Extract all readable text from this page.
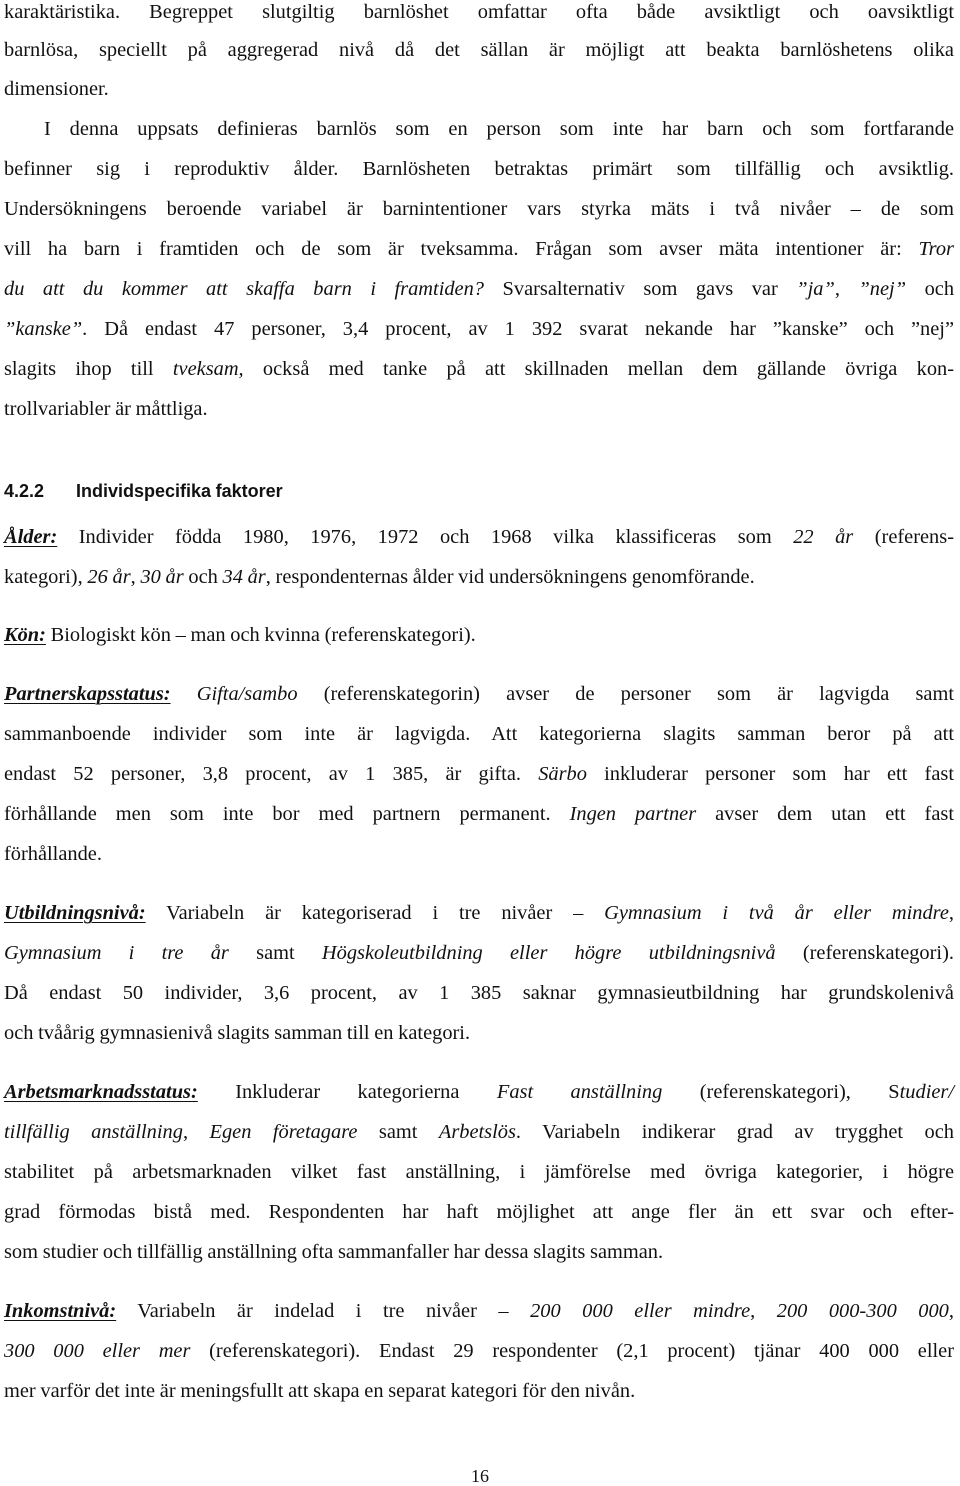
karaktäristika. Begreppet slutgiltig barnlöshet omfattar ofta både avsiktligt och oavsiktligt

barnlösa, speciellt på aggregerad nivå då det sällan är möjligt att beakta barnlöshetens olika

dimensioner.

I denna uppsats definieras barnlös som en person som inte har barn och som fortfarande

befinner sig i reproduktiv ålder. Barnlösheten betraktas primärt som tillfällig och avsiktlig.

Undersökningens beroende variabel är barnintentioner vars styrka mäts i två nivåer – de som

vill ha barn i framtiden och de som är tveksamma. Frågan som avser mäta intentioner är: Tror

du att du kommer att skaffa barn i framtiden? Svarsalternativ som gavs var ”ja”, ”nej” och

”kanske”. Då endast 47 personer, 3,4 procent, av 1 392 svarat nekande har ”kanske” och ”nej”

slagits ihop till tveksam, också med tanke på att skillnaden mellan dem gällande övriga kon-

trollvariabler är måttliga.

4.2.2 Individspecifika faktorer

Ålder: Individer födda 1980, 1976, 1972 och 1968 vilka klassificeras som 22 år (referens-

kategori), 26 år, 30 år och 34 år, respondenternas ålder vid undersökningens genomförande.

Kön: Biologiskt kön – man och kvinna (referenskategori).

Partnerskapsstatus: Gifta/sambo (referenskategorin) avser de personer som är lagvigda samt

sammanboende individer som inte är lagvigda. Att kategorierna slagits samman beror på att

endast 52 personer, 3,8 procent, av 1 385, är gifta. Särbo inkluderar personer som har ett fast

förhållande men som inte bor med partnern permanent. Ingen partner avser dem utan ett fast

förhållande.

Utbildningsnivå: Variabeln är kategoriserad i tre nivåer – Gymnasium i två år eller mindre,

Gymnasium i tre år samt Högskoleutbildning eller högre utbildningsnivå (referenskategori).

Då endast 50 individer, 3,6 procent, av 1 385 saknar gymnasieutbildning har grundskolenivå

och tvåårig gymnasienivå slagits samman till en kategori.

Arbetsmarknadsstatus: Inkluderar kategorierna Fast anställning (referenskategori), Studier/

tillfällig anställning, Egen företagare samt Arbetslös. Variabeln indikerar grad av trygghet och

stabilitet på arbetsmarknaden vilket fast anställning, i jämförelse med övriga kategorier, i högre

grad förmodas bistå med. Respondenten har haft möjlighet att ange fler än ett svar och efter-

som studier och tillfällig anställning ofta sammanfaller har dessa slagits samman.

Inkomstnivå: Variabeln är indelad i tre nivåer – 200 000 eller mindre, 200 000-300 000,

300 000 eller mer (referenskategori). Endast 29 respondenter (2,1 procent) tjänar 400 000 eller

mer varför det inte är meningsfullt att skapa en separat kategori för den nivån.

16
